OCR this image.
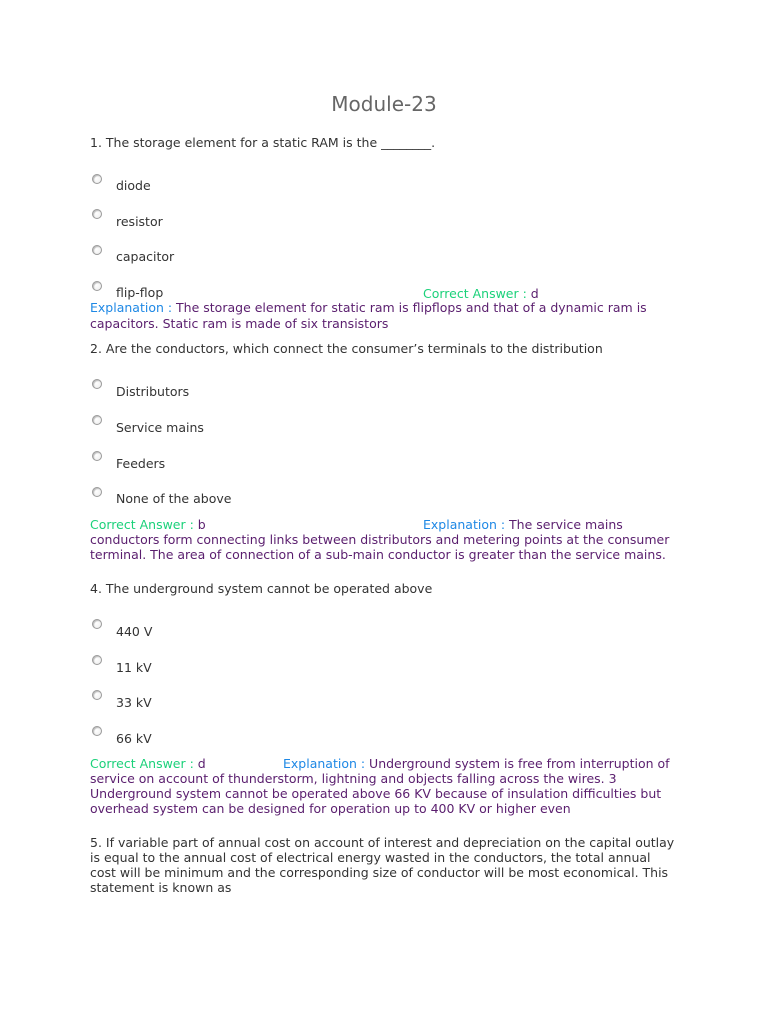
Module-23
1. The storage element for a static RAM is the ________.
diode
resistor
capacitor
flip-flop	Correct Answer : d
Explanation : The storage element for static ram is flipflops and that of a dynamic ram is
capacitors. Static ram is made of six transistors
2. Are the conductors, which connect the consumer’s terminals to the distribution
Distributors
Service mains
Feeders
None of the above
Correct Answer : b	Explanation : The service mains
conductors form connecting links between distributors and metering points at the consumer
terminal. The area of connection of a sub-main conductor is greater than the service mains.
4. The underground system cannot be operated above
440 V
11 kV
33 kV
66 kV
Correct Answer : d	Explanation : Underground system is free from interruption of
service on account of thunderstorm, lightning and objects falling across the wires. 3
Underground system cannot be operated above 66 KV because of insulation difficulties but
overhead system can be designed for operation up to 400 KV or higher even
5. If variable part of annual cost on account of interest and depreciation on the capital outlay
is equal to the annual cost of electrical energy wasted in the conductors, the total annual
cost will be minimum and the corresponding size of conductor will be most economical. This
statement is known as
